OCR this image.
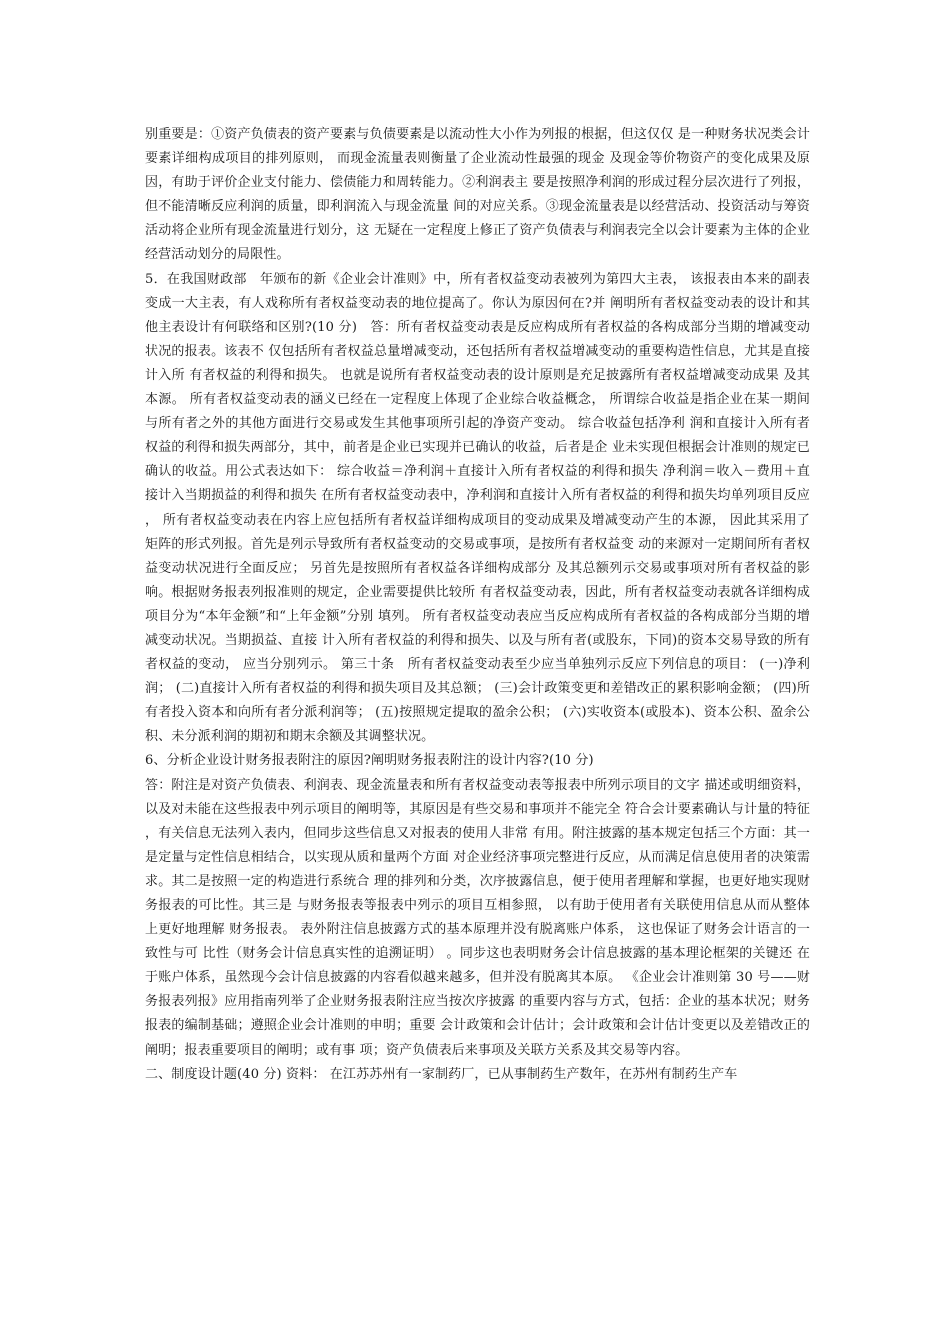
别重要是：①资产负债表的资产要素与负债要素是以流动性大小作为列报的根据，但这仅仅 是一种财务状况类会计要素详细构成项目的排列原则， 而现金流量表则衡量了企业流动性最强的现金 及现金等价物资产的变化成果及原因，有助于评价企业支付能力、偿债能力和周转能力。②利润表主 要是按照净利润的形成过程分层次进行了列报，但不能清晰反应利润的质量，即利润流入与现金流量 间的对应关系。③现金流量表是以经营活动、投资活动与筹资活动将企业所有现金流量进行划分，这 无疑在一定程度上修正了资产负债表与利润表完全以会计要素为主体的企业经营活动划分的局限性。

5．在我国财政部　年颁布的新《企业会计准则》中，所有者权益变动表被列为第四大主表， 该报表由本来的副表变成一大主表，有人戏称所有者权益变动表的地位提高了。你认为原因何在?并 阐明所有者权益变动表的设计和其他主表设计有何联络和区别?(10 分)　答：所有者权益变动表是反应构成所有者权益的各构成部分当期的增减变动状况的报表。该表不 仅包括所有者权益总量增减变动，还包括所有者权益增减变动的重要构造性信息，尤其是直接计入所 有者权益的利得和损失。 也就是说所有者权益变动表的设计原则是充足披露所有者权益增减变动成果 及其本源。 所有者权益变动表的涵义已经在一定程度上体现了企业综合收益概念， 所谓综合收益是指企业在某一期间与所有者之外的其他方面进行交易或发生其他事项所引起的净资产变动。 综合收益包括净利 润和直接计入所有者权益的利得和损失两部分，其中，前者是企业已实现并已确认的收益，后者是企 业未实现但根据会计准则的规定已确认的收益。用公式表达如下： 综合收益＝净利润＋直接计入所有者权益的利得和损失 净利润＝收入－费用＋直接计入当期损益的利得和损失 在所有者权益变动表中，净利润和直接计入所有者权益的利得和损失均单列项目反应， 所有者权益变动表在内容上应包括所有者权益详细构成项目的变动成果及增减变动产生的本源， 因此其采用了矩阵的形式列报。首先是列示导致所有者权益变动的交易或事项，是按所有者权益变 动的来源对一定期间所有者权益变动状况进行全面反应； 另首先是按照所有者权益各详细构成部分 及其总额列示交易或事项对所有者权益的影响。根据财务报表列报准则的规定，企业需要提供比较所 有者权益变动表，因此，所有者权益变动表就各详细构成项目分为“本年金额”和“上年金额”分别 填列。 所有者权益变动表应当反应构成所有者权益的各构成部分当期的增减变动状况。当期损益、直接 计入所有者权益的利得和损失、以及与所有者(或股东，下同)的资本交易导致的所有者权益的变动， 应当分别列示。 第三十条　所有者权益变动表至少应当单独列示反应下列信息的项目： (一)净利润； (二)直接计入所有者权益的利得和损失项目及其总额； (三)会计政策变更和差错改正的累积影响金额； (四)所有者投入资本和向所有者分派利润等； (五)按照规定提取的盈余公积； (六)实收资本(或股本)、资本公积、盈余公积、未分派利润的期初和期末余额及其调整状况。

6、分析企业设计财务报表附注的原因?阐明财务报表附注的设计内容?(10 分)

答：附注是对资产负债表、利润表、现金流量表和所有者权益变动表等报表中所列示项目的文字 描述或明细资料，以及对未能在这些报表中列示项目的阐明等，其原因是有些交易和事项并不能完全 符合会计要素确认与计量的特征，有关信息无法列入表内，但同步这些信息又对报表的使用人非常 有用。附注披露的基本规定包括三个方面：其一是定量与定性信息相结合，以实现从质和量两个方面 对企业经济事项完整进行反应，从而满足信息使用者的决策需求。其二是按照一定的构造进行系统合 理的排列和分类，次序披露信息，便于使用者理解和掌握，也更好地实现财务报表的可比性。其三是 与财务报表等报表中列示的项目互相参照， 以有助于使用者有关联使用信息从而从整体上更好地理解 财务报表。 表外附注信息披露方式的基本原理并没有脱离账户体系， 这也保证了财务会计语言的一致性与可 比性（财务会计信息真实性的追溯证明） 。同步这也表明财务会计信息披露的基本理论框架的关键还 在于账户体系，虽然现今会计信息披露的内容看似越来越多，但并没有脱离其本原。 《企业会计准则第 30 号——财务报表列报》应用指南列举了企业财务报表附注应当按次序披露 的重要内容与方式，包括：企业的基本状况；财务报表的编制基础；遵照企业会计准则的申明；重要 会计政策和会计估计；会计政策和会计估计变更以及差错改正的阐明；报表重要项目的阐明；或有事 项；资产负债表后来事项及关联方关系及其交易等内容。

二、制度设计题(40 分) 资料： 在江苏苏州有一家制药厂，已从事制药生产数年，在苏州有制药生产车
